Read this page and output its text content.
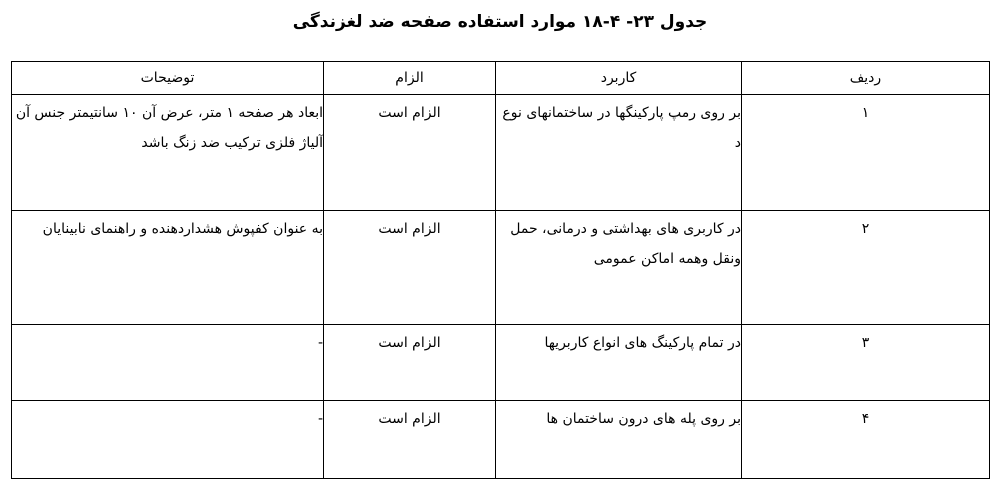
جدول ۲۳- ۴-۱۸ موارد استفاده صفحه ضد لغزندگی
ردیف	کاربرد	الزام	توضیحات
۱	بر روی رمپ پارکینگها در ساختمانهای نوع د	الزام است	ابعاد هر صفحه ۱ متر، عرض آن ۱۰ سانتیمتر جنس آن آلیاژ فلزی ترکیب ضد زنگ باشد
۲	در کاربری های بهداشتی و درمانی، حمل ونقل وهمه اماکن عمومی	الزام است	به عنوان کفپوش هشداردهنده و راهنمای نابینایان
۳	در تمام پارکینگ های انواع کاربریها	الزام است	-
۴	بر روی پله های درون ساختمان ها	الزام است	-
